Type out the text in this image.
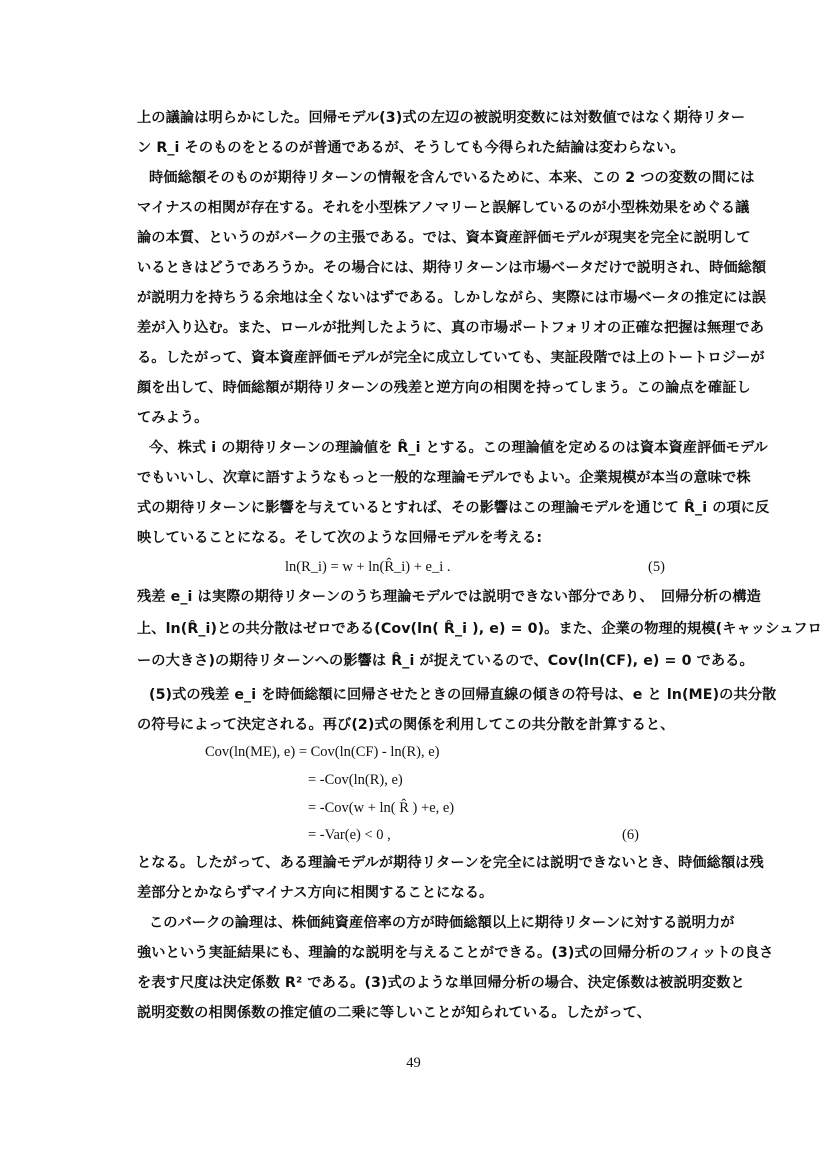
上の議論は明らかにした。回帰モデル(3)式の左辺の被説明変数には対数値ではなく期待リター
ン R_i そのものをとるのが普通であるが、そうしても今得られた結論は変わらない。
時価総額そのものが期待リターンの情報を含んでいるために、本来、この 2 つの変数の間には
マイナスの相関が存在する。それを小型株アノマリーと誤解しているのが小型株効果をめぐる議
論の本質、というのがバークの主張である。では、資本資産評価モデルが現実を完全に説明して
いるときはどうであろうか。その場合には、期待リターンは市場ベータだけで説明され、時価総額
が説明力を持ちうる余地は全くないはずである。しかしながら、実際には市場ベータの推定には誤
差が入り込む。また、ロールが批判したように、真の市場ポートフォリオの正確な把握は無理であ
る。したがって、資本資産評価モデルが完全に成立していても、実証段階では上のトートロジーが
顔を出して、時価総額が期待リターンの残差と逆方向の相関を持ってしまう。この論点を確証し
てみよう。
今、株式 i の期待リターンの理論値を R̂_i とする。この理論値を定めるのは資本資産評価モデル
でもいいし、次章に語すようなもっと一般的な理論モデルでもよい。企業規模が本当の意味で株
式の期待リターンに影響を与えているとすれば、その影響はこの理論モデルを通じて R̂_i の項に反
映していることになる。そして次のような回帰モデルを考える:
ln(R_i) = w + ln(R̂_i) + e_i .	(5)
残差 e_i は実際の期待リターンのうち理論モデルでは説明できない部分であり、　回帰分析の構造
上、ln(R̂_i)との共分散はゼロである(Cov(ln( R̂_i ), e) = 0)。また、企業の物理的規模(キャッシュフロ
ーの大きさ)の期待リターンへの影響は R̂_i が捉えているので、Cov(ln(CF), e) = 0 である。
(5)式の残差 e_i を時価総額に回帰させたときの回帰直線の傾きの符号は、e と ln(ME)の共分散
の符号によって決定される。再び(2)式の関係を利用してこの共分散を計算すると、
Cov(ln(ME), e) = Cov(ln(CF) - ln(R), e)
= -Cov(ln(R), e)
= -Cov(w + ln( R̂ ) +e, e)
= -Var(e) < 0 ,	(6)
となる。したがって、ある理論モデルが期待リターンを完全には説明できないとき、時価総額は残
差部分とかならずマイナス方向に相関することになる。
このバークの論理は、株価純資産倍率の方が時価総額以上に期待リターンに対する説明力が
強いという実証結果にも、理論的な説明を与えることができる。(3)式の回帰分析のフィットの良さ
を表す尺度は決定係数 R² である。(3)式のような単回帰分析の場合、決定係数は被説明変数と
説明変数の相関係数の推定値の二乗に等しいことが知られている。したがって、
49
